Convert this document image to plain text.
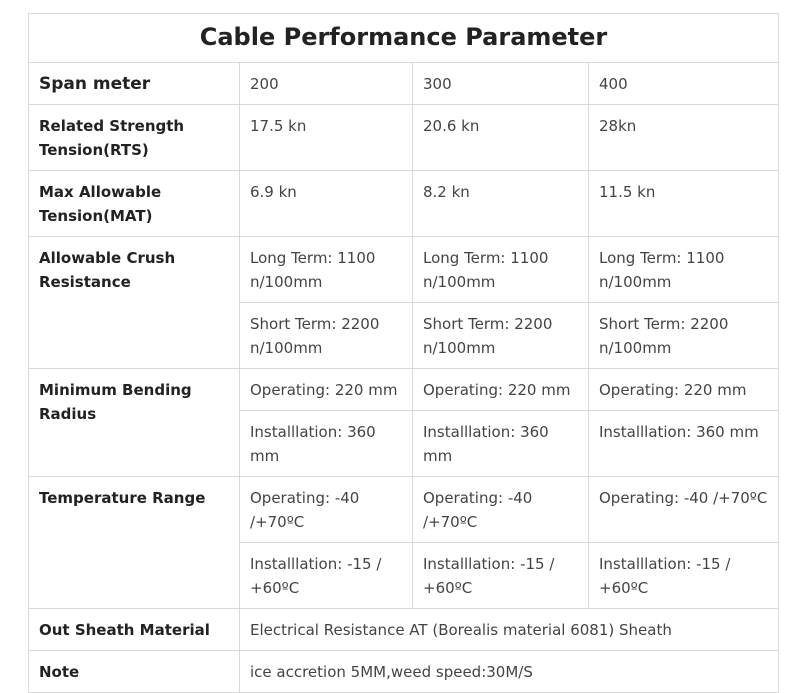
Cable Performance Parameter			
Span meter	200	300	400
Related Strength Tension(RTS)	17.5 kn	20.6 kn	28kn
Max Allowable Tension(MAT)	6.9 kn	8.2 kn	11.5 kn
Allowable Crush Resistance	Long Term: 1100 n/100mm	Long Term: 1100 n/100mm	Long Term: 1100 n/100mm
	Short Term: 2200 n/100mm	Short Term: 2200 n/100mm	Short Term: 2200 n/100mm
Minimum Bending Radius	Operating: 220 mm	Operating: 220 mm	Operating: 220 mm
	Installlation: 360 mm	Installlation: 360 mm	Installlation: 360 mm
Temperature Range	Operating: -40 /+70ºC	Operating: -40 /+70ºC	Operating: -40 /+70ºC
	Installlation: -15 / +60ºC	Installlation: -15 / +60ºC	Installlation: -15 / +60ºC
Out Sheath Material	Electrical Resistance AT (Borealis material 6081) Sheath		
Note	ice accretion 5MM,weed speed:30M/S		
